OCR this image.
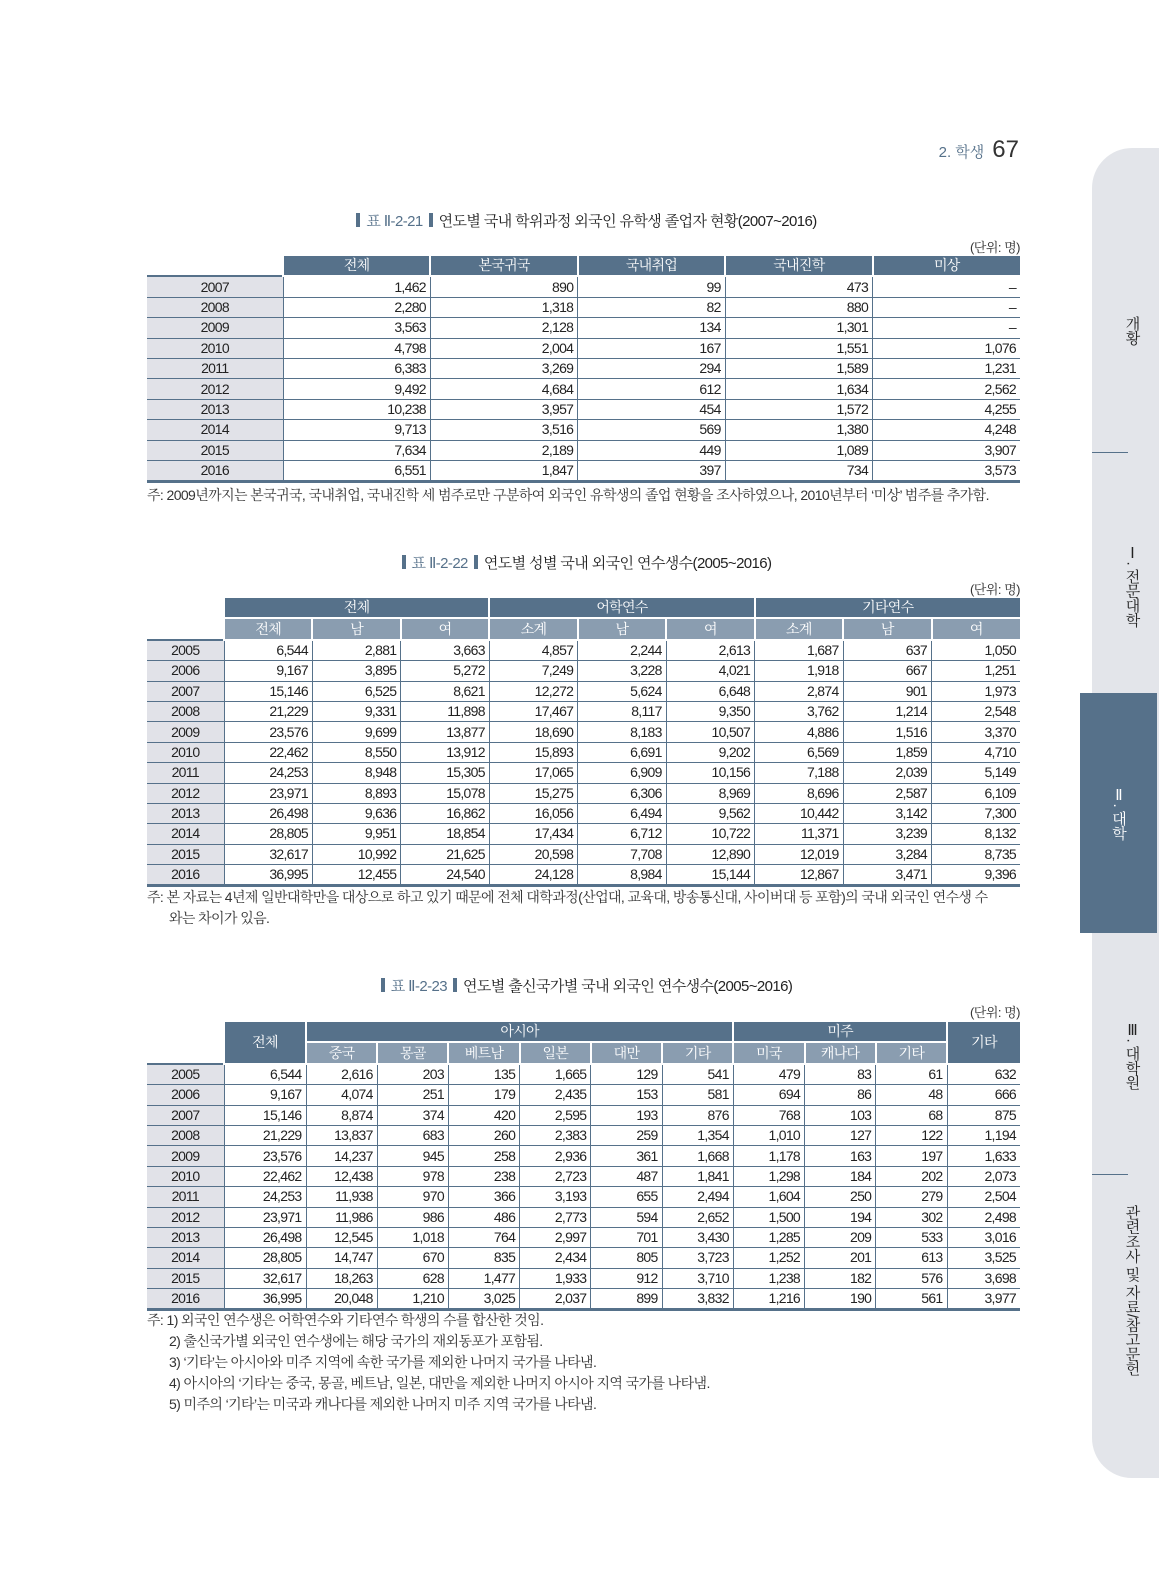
2. 학생 67
개황
Ⅰ. 전문대학
Ⅱ. 대학
Ⅲ. 대학원
관련조사 및 자료/참고문헌
표 Ⅱ-2-21 연도별 국내 학위과정 외국인 유학생 졸업자 현황(2007~2016)
(단위: 명)
	전체	본국귀국	국내취업	국내진학	미상
2007	1,462	890	99	473	–
2008	2,280	1,318	82	880	–
2009	3,563	2,128	134	1,301	–
2010	4,798	2,004	167	1,551	1,076
2011	6,383	3,269	294	1,589	1,231
2012	9,492	4,684	612	1,634	2,562
2013	10,238	3,957	454	1,572	4,255
2014	9,713	3,516	569	1,380	4,248
2015	7,634	2,189	449	1,089	3,907
2016	6,551	1,847	397	734	3,573
주: 2009년까지는 본국귀국, 국내취업, 국내진학 세 범주로만 구분하여 외국인 유학생의 졸업 현황을 조사하였으나, 2010년부터 ‘미상’ 범주를 추가함.
표 Ⅱ-2-22 연도별 성별 국내 외국인 연수생수(2005~2016)
(단위: 명)
	전체			어학연수			기타연수		
	전체	남	여	소계	남	여	소계	남	여
2005	6,544	2,881	3,663	4,857	2,244	2,613	1,687	637	1,050
2006	9,167	3,895	5,272	7,249	3,228	4,021	1,918	667	1,251
2007	15,146	6,525	8,621	12,272	5,624	6,648	2,874	901	1,973
2008	21,229	9,331	11,898	17,467	8,117	9,350	3,762	1,214	2,548
2009	23,576	9,699	13,877	18,690	8,183	10,507	4,886	1,516	3,370
2010	22,462	8,550	13,912	15,893	6,691	9,202	6,569	1,859	4,710
2011	24,253	8,948	15,305	17,065	6,909	10,156	7,188	2,039	5,149
2012	23,971	8,893	15,078	15,275	6,306	8,969	8,696	2,587	6,109
2013	26,498	9,636	16,862	16,056	6,494	9,562	10,442	3,142	7,300
2014	28,805	9,951	18,854	17,434	6,712	10,722	11,371	3,239	8,132
2015	32,617	10,992	21,625	20,598	7,708	12,890	12,019	3,284	8,735
2016	36,995	12,455	24,540	24,128	8,984	15,144	12,867	3,471	9,396
주: 본 자료는 4년제 일반대학만을 대상으로 하고 있기 때문에 전체 대학과정(산업대, 교육대, 방송통신대, 사이버대 등 포함)의 국내 외국인 연수생 수
와는 차이가 있음.
표 Ⅱ-2-23 연도별 출신국가별 국내 외국인 연수생수(2005~2016)
(단위: 명)
	전체	아시아						미주			기타
		중국	몽골	베트남	일본	대만	기타	미국	캐나다	기타	
2005	6,544	2,616	203	135	1,665	129	541	479	83	61	632
2006	9,167	4,074	251	179	2,435	153	581	694	86	48	666
2007	15,146	8,874	374	420	2,595	193	876	768	103	68	875
2008	21,229	13,837	683	260	2,383	259	1,354	1,010	127	122	1,194
2009	23,576	14,237	945	258	2,936	361	1,668	1,178	163	197	1,633
2010	22,462	12,438	978	238	2,723	487	1,841	1,298	184	202	2,073
2011	24,253	11,938	970	366	3,193	655	2,494	1,604	250	279	2,504
2012	23,971	11,986	986	486	2,773	594	2,652	1,500	194	302	2,498
2013	26,498	12,545	1,018	764	2,997	701	3,430	1,285	209	533	3,016
2014	28,805	14,747	670	835	2,434	805	3,723	1,252	201	613	3,525
2015	32,617	18,263	628	1,477	1,933	912	3,710	1,238	182	576	3,698
2016	36,995	20,048	1,210	3,025	2,037	899	3,832	1,216	190	561	3,977
주: 1) 외국인 연수생은 어학연수와 기타연수 학생의 수를 합산한 것임.
2) 출신국가별 외국인 연수생에는 해당 국가의 재외동포가 포함됨.
3) ‘기타’는 아시아와 미주 지역에 속한 국가를 제외한 나머지 국가를 나타냄.
4) 아시아의 ‘기타’는 중국, 몽골, 베트남, 일본, 대만을 제외한 나머지 아시아 지역 국가를 나타냄.
5) 미주의 ‘기타’는 미국과 캐나다를 제외한 나머지 미주 지역 국가를 나타냄.
